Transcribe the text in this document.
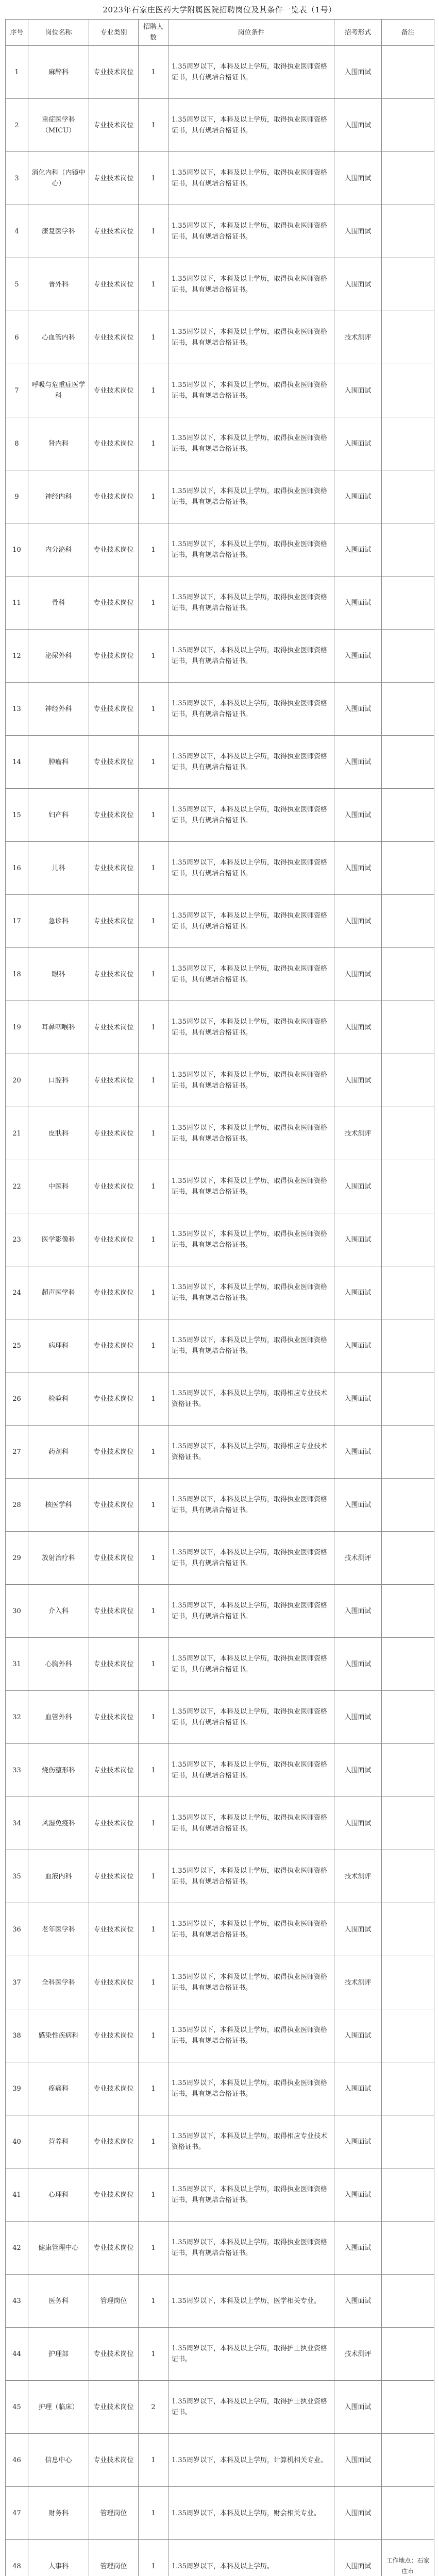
2023年石家庄医药大学附属医院招聘岗位及其条件一览表（1号）
序号	岗位名称	专业类别	招聘人数	岗位条件	招考形式	备注
1	麻醉科	专业技术岗位	1	1.35周岁以下，本科及以上学历，取得执业医师资格证书，具有规培合格证书。	入围面试	
2	重症医学科（MICU）	专业技术岗位	1	1.35周岁以下，本科及以上学历，取得执业医师资格证书，具有规培合格证书。	入围面试	
3	消化内科（内镜中心）	专业技术岗位	1	1.35周岁以下，本科及以上学历，取得执业医师资格证书，具有规培合格证书。	入围面试	
4	康复医学科	专业技术岗位	1	1.35周岁以下，本科及以上学历，取得执业医师资格证书，具有规培合格证书。	入围面试	
5	普外科	专业技术岗位	1	1.35周岁以下，本科及以上学历，取得执业医师资格证书，具有规培合格证书。	入围面试	
6	心血管内科	专业技术岗位	1	1.35周岁以下，本科及以上学历，取得执业医师资格证书，具有规培合格证书。	技术测评	
7	呼吸与危重症医学科	专业技术岗位	1	1.35周岁以下，本科及以上学历，取得执业医师资格证书，具有规培合格证书。	入围面试	
8	肾内科	专业技术岗位	1	1.35周岁以下，本科及以上学历，取得执业医师资格证书，具有规培合格证书。	入围面试	
9	神经内科	专业技术岗位	1	1.35周岁以下，本科及以上学历，取得执业医师资格证书，具有规培合格证书。	入围面试	
10	内分泌科	专业技术岗位	1	1.35周岁以下，本科及以上学历，取得执业医师资格证书，具有规培合格证书。	入围面试	
11	骨科	专业技术岗位	1	1.35周岁以下，本科及以上学历，取得执业医师资格证书，具有规培合格证书。	入围面试	
12	泌尿外科	专业技术岗位	1	1.35周岁以下，本科及以上学历，取得执业医师资格证书，具有规培合格证书。	入围面试	
13	神经外科	专业技术岗位	1	1.35周岁以下，本科及以上学历，取得执业医师资格证书，具有规培合格证书。	入围面试	
14	肿瘤科	专业技术岗位	1	1.35周岁以下，本科及以上学历，取得执业医师资格证书，具有规培合格证书。	入围面试	
15	妇产科	专业技术岗位	1	1.35周岁以下，本科及以上学历，取得执业医师资格证书，具有规培合格证书。	入围面试	
16	儿科	专业技术岗位	1	1.35周岁以下，本科及以上学历，取得执业医师资格证书，具有规培合格证书。	入围面试	
17	急诊科	专业技术岗位	1	1.35周岁以下，本科及以上学历，取得执业医师资格证书，具有规培合格证书。	入围面试	
18	眼科	专业技术岗位	1	1.35周岁以下，本科及以上学历，取得执业医师资格证书，具有规培合格证书。	入围面试	
19	耳鼻咽喉科	专业技术岗位	1	1.35周岁以下，本科及以上学历，取得执业医师资格证书，具有规培合格证书。	入围面试	
20	口腔科	专业技术岗位	1	1.35周岁以下，本科及以上学历，取得执业医师资格证书，具有规培合格证书。	入围面试	
21	皮肤科	专业技术岗位	1	1.35周岁以下，本科及以上学历，取得执业医师资格证书，具有规培合格证书。	技术测评	
22	中医科	专业技术岗位	1	1.35周岁以下，本科及以上学历，取得执业医师资格证书，具有规培合格证书。	入围面试	
23	医学影像科	专业技术岗位	1	1.35周岁以下，本科及以上学历，取得执业医师资格证书，具有规培合格证书。	入围面试	
24	超声医学科	专业技术岗位	1	1.35周岁以下，本科及以上学历，取得执业医师资格证书，具有规培合格证书。	入围面试	
25	病理科	专业技术岗位	1	1.35周岁以下，本科及以上学历，取得执业医师资格证书，具有规培合格证书。	入围面试	
26	检验科	专业技术岗位	1	1.35周岁以下，本科及以上学历，取得相应专业技术资格证书。	入围面试	
27	药剂科	专业技术岗位	1	1.35周岁以下，本科及以上学历，取得相应专业技术资格证书。	入围面试	
28	核医学科	专业技术岗位	1	1.35周岁以下，本科及以上学历，取得执业医师资格证书，具有规培合格证书。	入围面试	
29	放射治疗科	专业技术岗位	1	1.35周岁以下，本科及以上学历，取得执业医师资格证书，具有规培合格证书。	技术测评	
30	介入科	专业技术岗位	1	1.35周岁以下，本科及以上学历，取得执业医师资格证书，具有规培合格证书。	入围面试	
31	心胸外科	专业技术岗位	1	1.35周岁以下，本科及以上学历，取得执业医师资格证书，具有规培合格证书。	入围面试	
32	血管外科	专业技术岗位	1	1.35周岁以下，本科及以上学历，取得执业医师资格证书，具有规培合格证书。	入围面试	
33	烧伤整形科	专业技术岗位	1	1.35周岁以下，本科及以上学历，取得执业医师资格证书，具有规培合格证书。	入围面试	
34	风湿免疫科	专业技术岗位	1	1.35周岁以下，本科及以上学历，取得执业医师资格证书，具有规培合格证书。	入围面试	
35	血液内科	专业技术岗位	1	1.35周岁以下，本科及以上学历，取得执业医师资格证书，具有规培合格证书。	技术测评	
36	老年医学科	专业技术岗位	1	1.35周岁以下，本科及以上学历，取得执业医师资格证书，具有规培合格证书。	入围面试	
37	全科医学科	专业技术岗位	1	1.35周岁以下，本科及以上学历，取得执业医师资格证书，具有规培合格证书。	技术测评	
38	感染性疾病科	专业技术岗位	1	1.35周岁以下，本科及以上学历，取得执业医师资格证书，具有规培合格证书。	入围面试	
39	疼痛科	专业技术岗位	1	1.35周岁以下，本科及以上学历，取得执业医师资格证书，具有规培合格证书。	入围面试	
40	营养科	专业技术岗位	1	1.35周岁以下，本科及以上学历，取得相应专业技术资格证书。	入围面试	
41	心理科	专业技术岗位	1	1.35周岁以下，本科及以上学历，取得执业医师资格证书，具有规培合格证书。	入围面试	
42	健康管理中心	专业技术岗位	1	1.35周岁以下，本科及以上学历，取得执业医师资格证书，具有规培合格证书。	入围面试	
43	医务科	管理岗位	1	1.35周岁以下，本科及以上学历，医学相关专业。	入围面试	
44	护理部	专业技术岗位	1	1.35周岁以下，本科及以上学历，取得护士执业资格证书。	技术测评	
45	护理（临床）	专业技术岗位	2	1.35周岁以下，本科及以上学历，取得护士执业资格证书。	入围面试	
46	信息中心	专业技术岗位	1	1.35周岁以下，本科及以上学历，计算机相关专业。	入围面试	
47	财务科	管理岗位	1	1.35周岁以下，本科及以上学历，财会相关专业。	入围面试	
48	人事科	管理岗位	1	1.35周岁以下，本科及以上学历。	入围面试	工作地点：石家庄市
